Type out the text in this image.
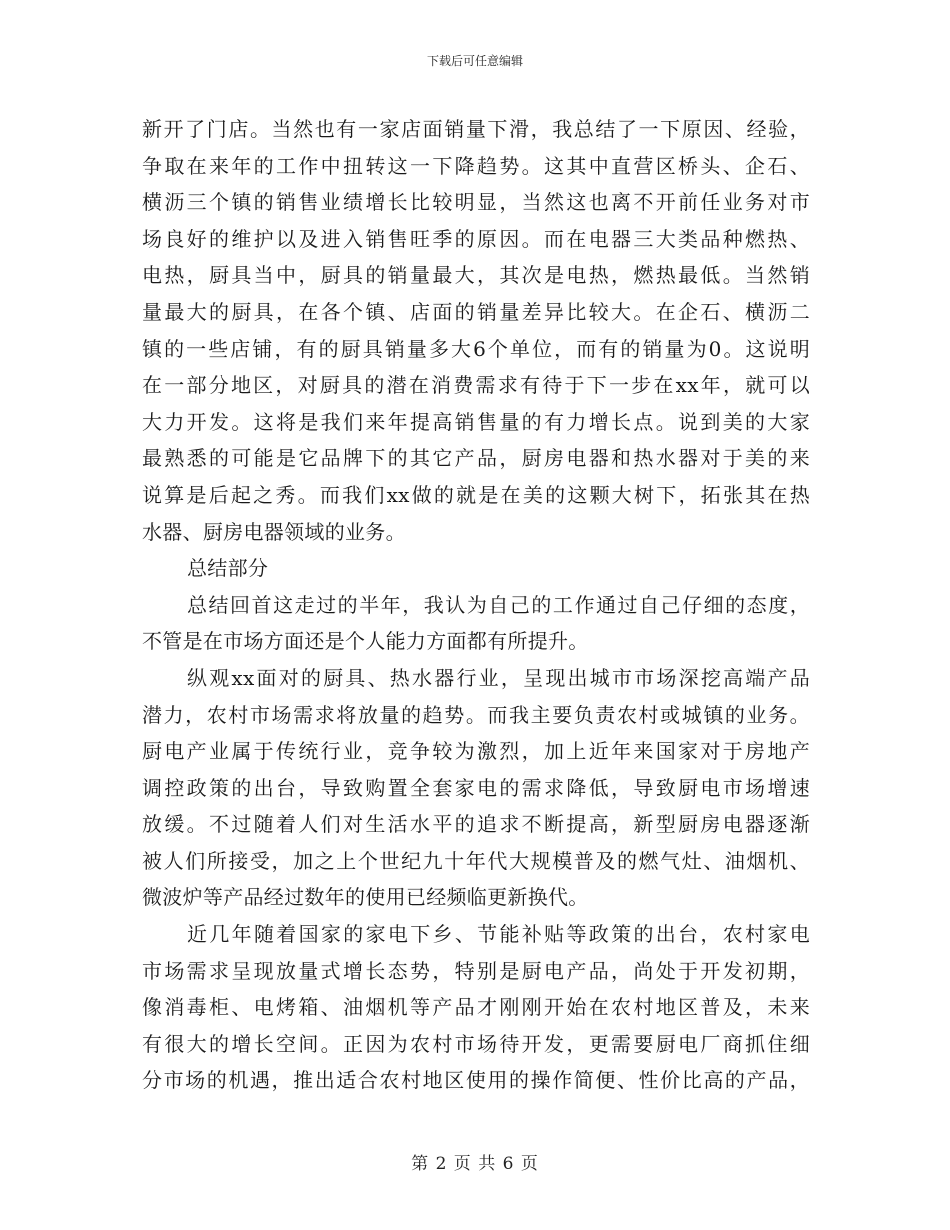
下载后可任意编辑
新开了门店。当然也有一家店面销量下滑，我总结了一下原因、经验，
争取在来年的工作中扭转这一下降趋势。这其中直营区桥头、企石、
横沥三个镇的销售业绩增长比较明显，当然这也离不开前任业务对市
场良好的维护以及进入销售旺季的原因。而在电器三大类品种燃热、
电热，厨具当中，厨具的销量最大，其次是电热，燃热最低。当然销
量最大的厨具，在各个镇、店面的销量差异比较大。在企石、横沥二
镇的一些店铺，有的厨具销量多大6个单位，而有的销量为0。这说明
在一部分地区，对厨具的潜在消费需求有待于下一步在xx年，就可以
大力开发。这将是我们来年提高销售量的有力增长点。说到美的大家
最熟悉的可能是它品牌下的其它产品，厨房电器和热水器对于美的来
说算是后起之秀。而我们xx做的就是在美的这颗大树下，拓张其在热
水器、厨房电器领域的业务。
总结部分
总结回首这走过的半年，我认为自己的工作通过自己仔细的态度，
不管是在市场方面还是个人能力方面都有所提升。
纵观xx面对的厨具、热水器行业，呈现出城市市场深挖高端产品
潜力，农村市场需求将放量的趋势。而我主要负责农村或城镇的业务。
厨电产业属于传统行业，竞争较为激烈，加上近年来国家对于房地产
调控政策的出台，导致购置全套家电的需求降低，导致厨电市场增速
放缓。不过随着人们对生活水平的追求不断提高，新型厨房电器逐渐
被人们所接受，加之上个世纪九十年代大规模普及的燃气灶、油烟机、
微波炉等产品经过数年的使用已经频临更新换代。
近几年随着国家的家电下乡、节能补贴等政策的出台，农村家电
市场需求呈现放量式增长态势，特别是厨电产品，尚处于开发初期，
像消毒柜、电烤箱、油烟机等产品才刚刚开始在农村地区普及，未来
有很大的增长空间。正因为农村市场待开发，更需要厨电厂商抓住细
分市场的机遇，推出适合农村地区使用的操作简便、性价比高的产品，
第 2 页 共 6 页
